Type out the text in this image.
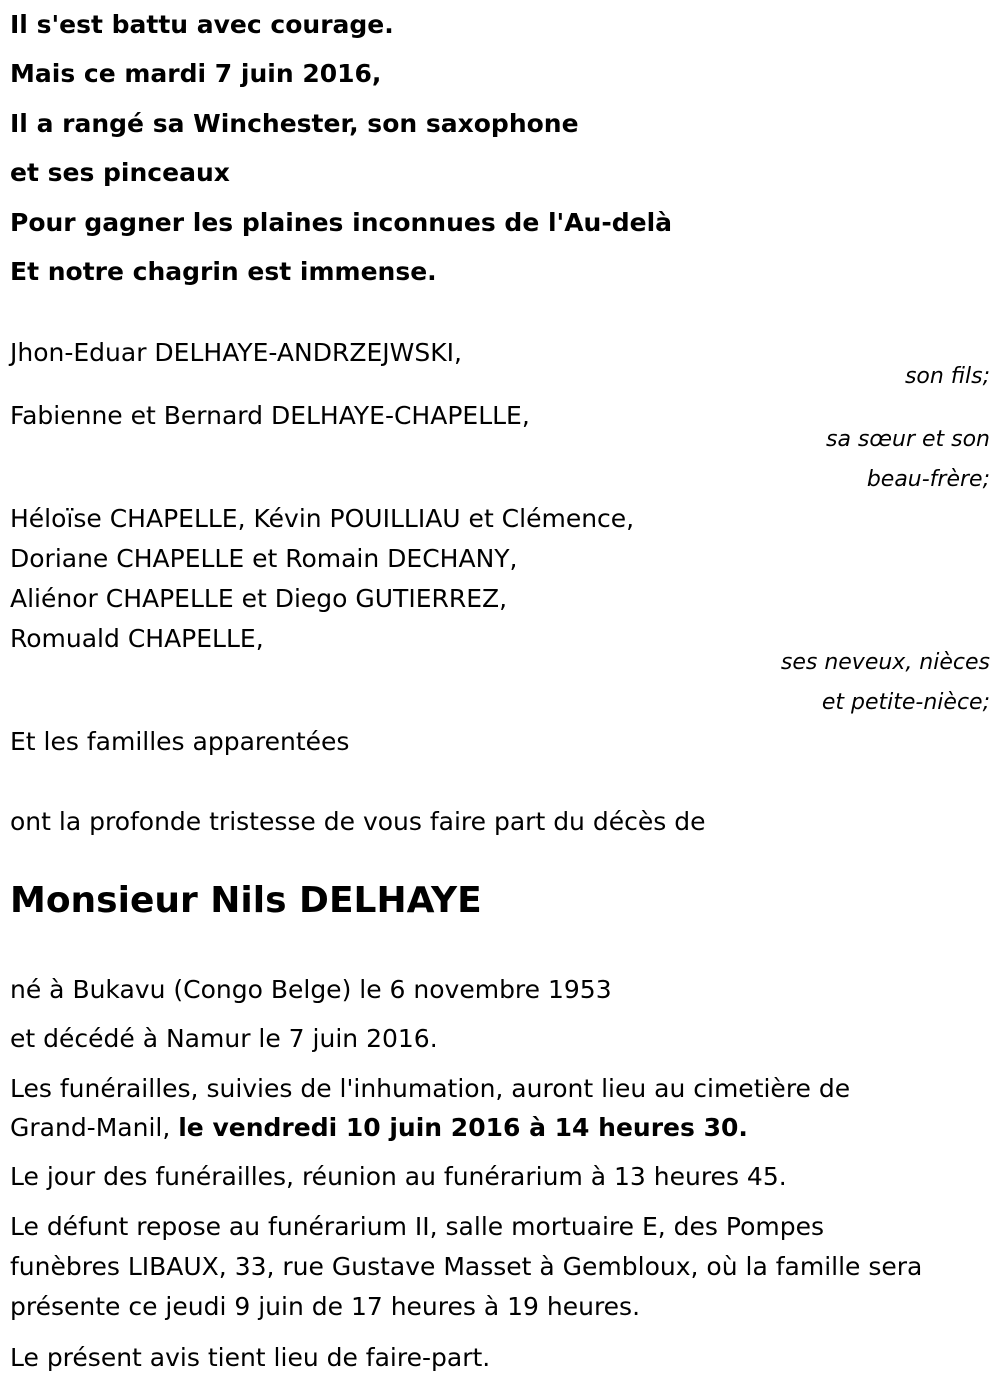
Il s'est battu avec courage.
Mais ce mardi 7 juin 2016,
Il a rangé sa Winchester, son saxophone
et ses pinceaux
Pour gagner les plaines inconnues de l'Au-delà
Et notre chagrin est immense.
Jhon-Eduar DELHAYE-ANDRZEJWSKI,
son fils;
Fabienne et Bernard DELHAYE-CHAPELLE,
sa sœur et son
beau-frère;
Héloïse CHAPELLE, Kévin POUILLIAU et Clémence,
Doriane CHAPELLE et Romain DECHANY,
Aliénor CHAPELLE et Diego GUTIERREZ,
Romuald CHAPELLE,
ses neveux, nièces
et petite-nièce;
Et les familles apparentées
ont la profonde tristesse de vous faire part du décès de
Monsieur Nils DELHAYE
né à Bukavu (Congo Belge) le 6 novembre 1953
et décédé à Namur le 7 juin 2016.
Les funérailles, suivies de l'inhumation, auront lieu au cimetière de
Grand-Manil, le vendredi 10 juin 2016 à 14 heures 30.
Le jour des funérailles, réunion au funérarium à 13 heures 45.
Le défunt repose au funérarium II, salle mortuaire E, des Pompes
funèbres LIBAUX, 33, rue Gustave Masset à Gembloux, où la famille sera
présente ce jeudi 9 juin de 17 heures à 19 heures.
Le présent avis tient lieu de faire-part.
